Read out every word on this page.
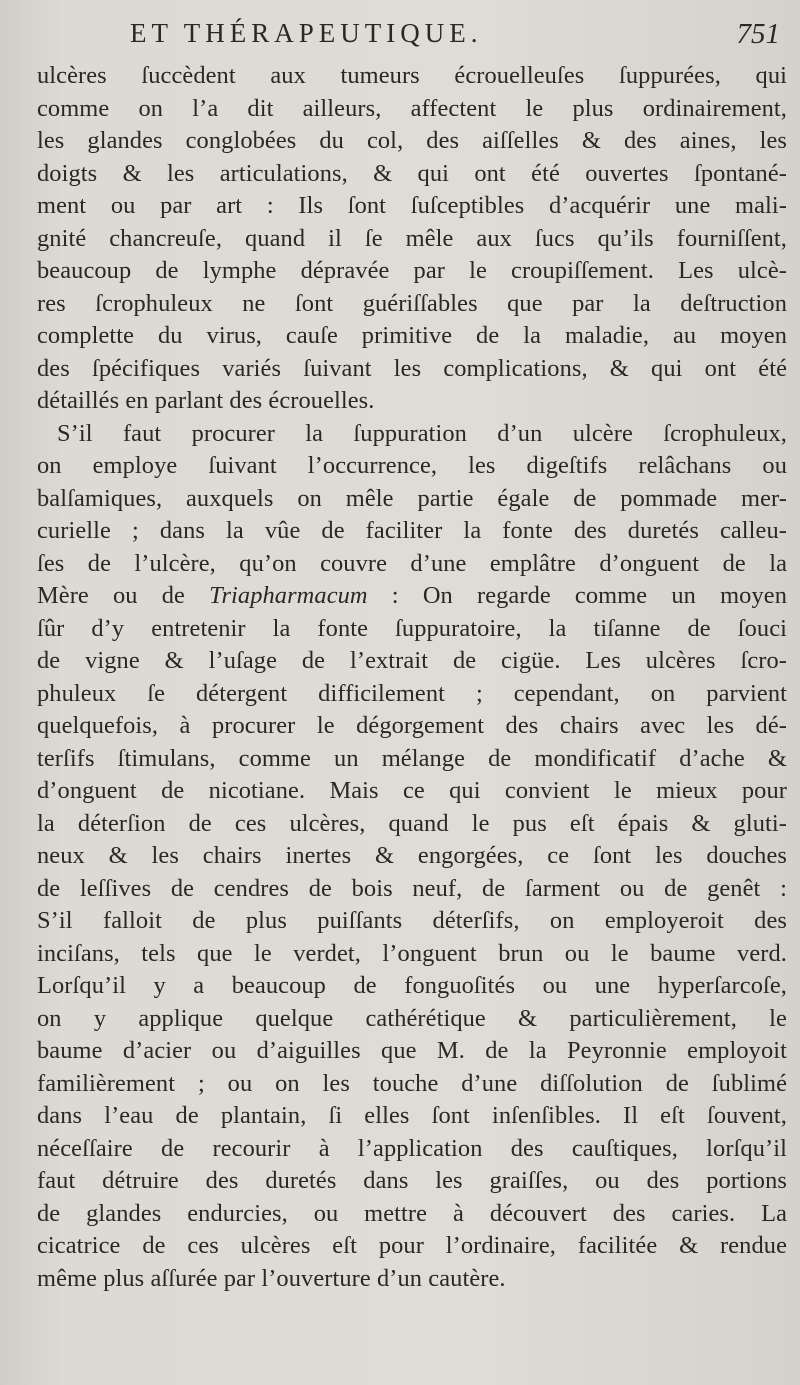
ET THÉRAPEUTIQUE.	751
ulcères ſuccèdent aux tumeurs écrouelleuſes ſuppurées, qui
comme on l’a dit ailleurs, affectent le plus ordinairement,
les glandes conglobées du col, des aiſſelles & des aines, les
doigts & les articulations, & qui ont été ouvertes ſpontané-
ment ou par art : Ils ſont ſuſceptibles d’acquérir une mali-
gnité chancreuſe, quand il ſe mêle aux ſucs qu’ils fourniſſent,
beaucoup de lymphe dépravée par le croupiſſement. Les ulcè-
res ſcrophuleux ne ſont guériſſables que par la deſtruction
complette du virus, cauſe primitive de la maladie, au moyen
des ſpécifiques variés ſuivant les complications, & qui ont été
détaillés en parlant des écrouelles.
S’il faut procurer la ſuppuration d’un ulcère ſcrophuleux,
on employe ſuivant l’occurrence, les digeſtifs relâchans ou
balſamiques, auxquels on mêle partie égale de pommade mer-
curielle ; dans la vûe de faciliter la fonte des duretés calleu-
ſes de l’ulcère, qu’on couvre d’une emplâtre d’onguent de la
Mère ou de Triapharmacum : On regarde comme un moyen
ſûr d’y entretenir la fonte ſuppuratoire, la tiſanne de ſouci
de vigne & l’uſage de l’extrait de cigüe. Les ulcères ſcro-
phuleux ſe détergent difficilement ; cependant, on parvient
quelquefois, à procurer le dégorgement des chairs avec les dé-
terſifs ſtimulans, comme un mélange de mondificatif d’ache &
d’onguent de nicotiane. Mais ce qui convient le mieux pour
la déterſion de ces ulcères, quand le pus eſt épais & gluti-
neux & les chairs inertes & engorgées, ce ſont les douches
de leſſives de cendres de bois neuf, de ſarment ou de genêt :
S’il falloit de plus puiſſants déterſifs, on employeroit des
inciſans, tels que le verdet, l’onguent brun ou le baume verd.
Lorſqu’il y a beaucoup de fonguoſités ou une hyperſarcoſe,
on y applique quelque cathérétique & particulièrement, le
baume d’acier ou d’aiguilles que M. de la Peyronnie employoit
familièrement ; ou on les touche d’une diſſolution de ſublimé
dans l’eau de plantain, ſi elles ſont inſenſibles. Il eſt ſouvent,
néceſſaire de recourir à l’application des cauſtiques, lorſqu’il
faut détruire des duretés dans les graiſſes, ou des portions
de glandes endurcies, ou mettre à découvert des caries. La
cicatrice de ces ulcères eſt pour l’ordinaire, facilitée & rendue
même plus aſſurée par l’ouverture d’un cautère.
